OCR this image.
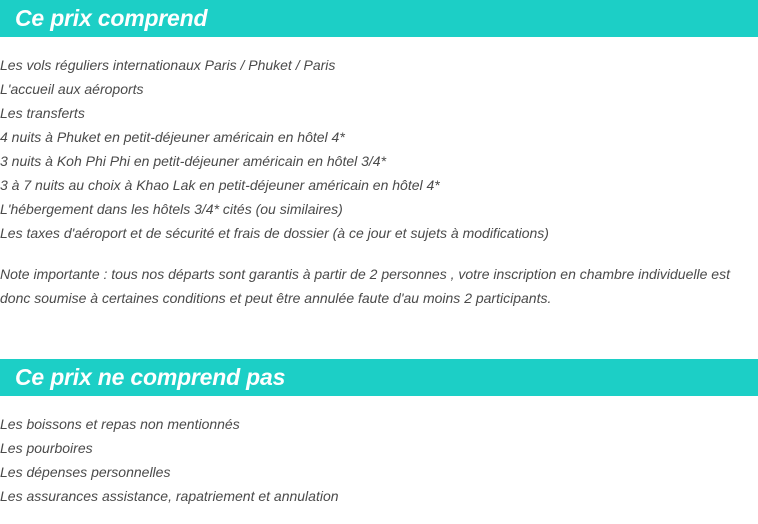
Ce prix comprend
Les vols réguliers internationaux Paris / Phuket / Paris
L'accueil aux aéroports
Les transferts
4 nuits à Phuket en petit-déjeuner américain en hôtel 4*
3 nuits à Koh Phi Phi en petit-déjeuner américain en hôtel 3/4*
3 à 7 nuits au choix à Khao Lak en petit-déjeuner américain en hôtel 4*
L'hébergement dans les hôtels 3/4* cités (ou similaires)
Les taxes d'aéroport et de sécurité et frais de dossier (à ce jour et sujets à modifications)

Note importante : tous nos départs sont garantis à partir de 2 personnes , votre inscription en chambre individuelle est donc soumise à certaines conditions et peut être annulée faute d'au moins 2 participants.

Ce prix ne comprend pas
Les boissons et repas non mentionnés
Les pourboires
Les dépenses personnelles
Les assurances assistance, rapatriement et annulation
